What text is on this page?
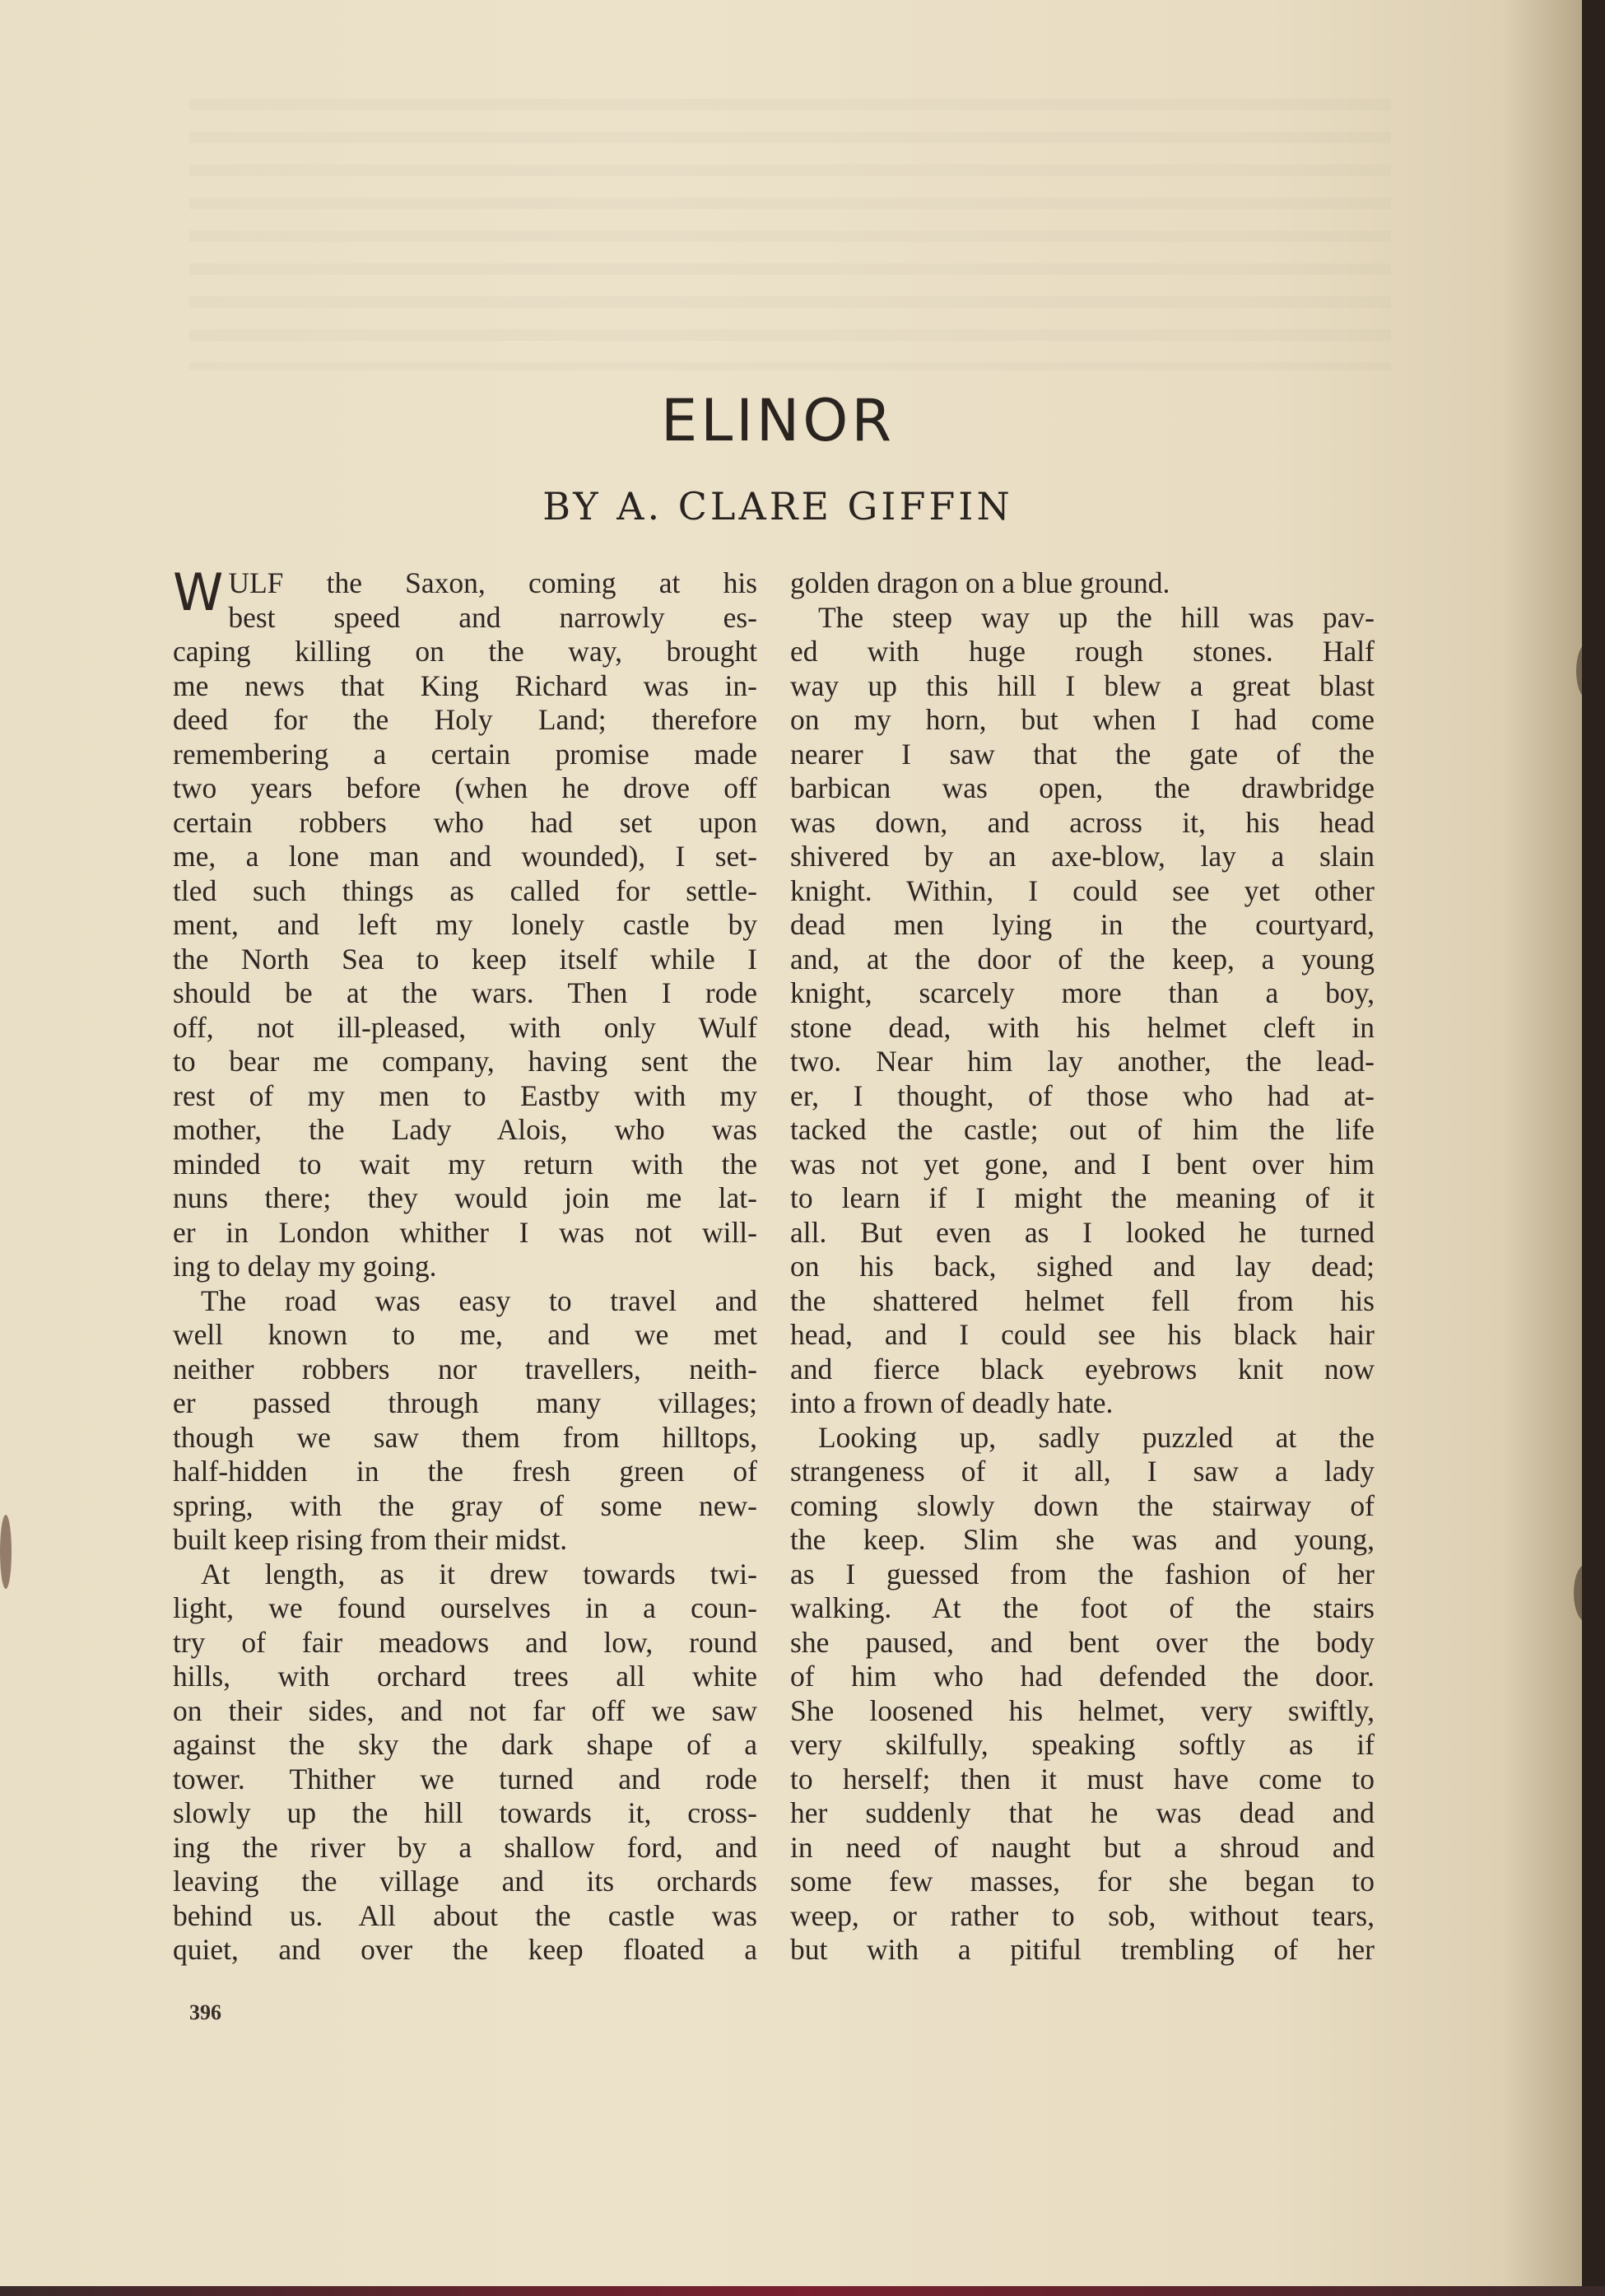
ELINOR
BY A. CLARE GIFFIN
W ULF the Saxon, coming at his
best speed and narrowly es-
caping killing on the way, brought
me news that King Richard was in-
deed for the Holy Land; therefore
remembering a certain promise made
two years before (when he drove off
certain robbers who had set upon
me, a lone man and wounded), I set-
tled such things as called for settle-
ment, and left my lonely castle by
the North Sea to keep itself while I
should be at the wars. Then I rode
off, not ill-pleased, with only Wulf
to bear me company, having sent the
rest of my men to Eastby with my
mother, the Lady Alois, who was
minded to wait my return with the
nuns there; they would join me lat-
er in London whither I was not will-
ing to delay my going.
The road was easy to travel and
well known to me, and we met
neither robbers nor travellers, neith-
er passed through many villages;
though we saw them from hilltops,
half-hidden in the fresh green of
spring, with the gray of some new-
built keep rising from their midst.
At length, as it drew towards twi-
light, we found ourselves in a coun-
try of fair meadows and low, round
hills, with orchard trees all white
on their sides, and not far off we saw
against the sky the dark shape of a
tower. Thither we turned and rode
slowly up the hill towards it, cross-
ing the river by a shallow ford, and
leaving the village and its orchards
behind us. All about the castle was
quiet, and over the keep floated a
golden dragon on a blue ground.
The steep way up the hill was pav-
ed with huge rough stones. Half
way up this hill I blew a great blast
on my horn, but when I had come
nearer I saw that the gate of the
barbican was open, the drawbridge
was down, and across it, his head
shivered by an axe-blow, lay a slain
knight. Within, I could see yet other
dead men lying in the courtyard,
and, at the door of the keep, a young
knight, scarcely more than a boy,
stone dead, with his helmet cleft in
two. Near him lay another, the lead-
er, I thought, of those who had at-
tacked the castle; out of him the life
was not yet gone, and I bent over him
to learn if I might the meaning of it
all. But even as I looked he turned
on his back, sighed and lay dead;
the shattered helmet fell from his
head, and I could see his black hair
and fierce black eyebrows knit now
into a frown of deadly hate.
Looking up, sadly puzzled at the
strangeness of it all, I saw a lady
coming slowly down the stairway of
the keep. Slim she was and young,
as I guessed from the fashion of her
walking. At the foot of the stairs
she paused, and bent over the body
of him who had defended the door.
She loosened his helmet, very swiftly,
very skilfully, speaking softly as if
to herself; then it must have come to
her suddenly that he was dead and
in need of naught but a shroud and
some few masses, for she began to
weep, or rather to sob, without tears,
but with a pitiful trembling of her
396
